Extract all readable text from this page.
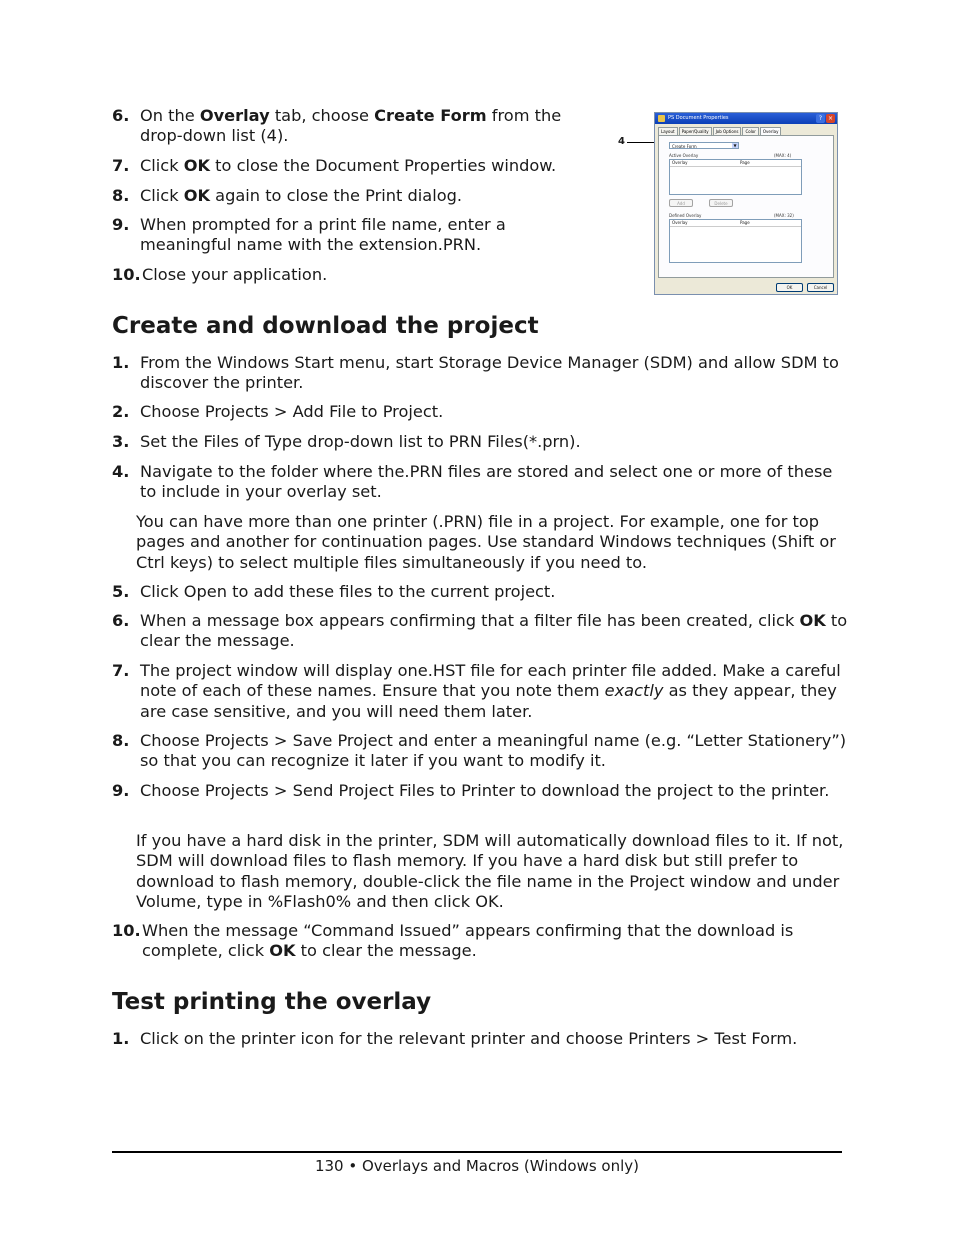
6. On the Overlay tab, choose Create Form from the drop-down list (4).
7. Click OK to close the Document Properties window.
8. Click OK again to close the Print dialog.
9. When prompted for a print file name, enter a meaningful name with the extension.PRN.
10. Close your application.
4
PS Document Properties	? ×
Layout	Paper/Quality	Job Options	Color	Overlay
Create Form	▼
Active Overlay	(MAX: 4)
Overlay	Page
Add	Delete
Defined Overlay	(MAX: 32)
Overlay	Page
OK	Cancel
Create and download the project
1. From the Windows Start menu, start Storage Device Manager (SDM) and allow SDM to discover the printer.
2. Choose Projects > Add File to Project.
3. Set the Files of Type drop-down list to PRN Files(*.prn).
4. Navigate to the folder where the.PRN files are stored and select one or more of these to include in your overlay set.
You can have more than one printer (.PRN) file in a project. For example, one for top pages and another for continuation pages. Use standard Windows techniques (Shift or Ctrl keys) to select multiple files simultaneously if you need to.
5. Click Open to add these files to the current project.
6. When a message box appears confirming that a filter file has been created, click OK to clear the message.
7. The project window will display one.HST file for each printer file added. Make a careful note of each of these names. Ensure that you note them exactly as they appear, they are case sensitive, and you will need them later.
8. Choose Projects > Save Project and enter a meaningful name (e.g. “Letter Stationery”) so that you can recognize it later if you want to modify it.
9. Choose Projects > Send Project Files to Printer to download the project to the printer.
If you have a hard disk in the printer, SDM will automatically download files to it. If not, SDM will download files to flash memory. If you have a hard disk but still prefer to download to flash memory, double-click the file name in the Project window and under Volume, type in %Flash0% and then click OK.
10. When the message “Command Issued” appears confirming that the download is complete, click OK to clear the message.
Test printing the overlay
1. Click on the printer icon for the relevant printer and choose Printers > Test Form.
130 • Overlays and Macros (Windows only)
